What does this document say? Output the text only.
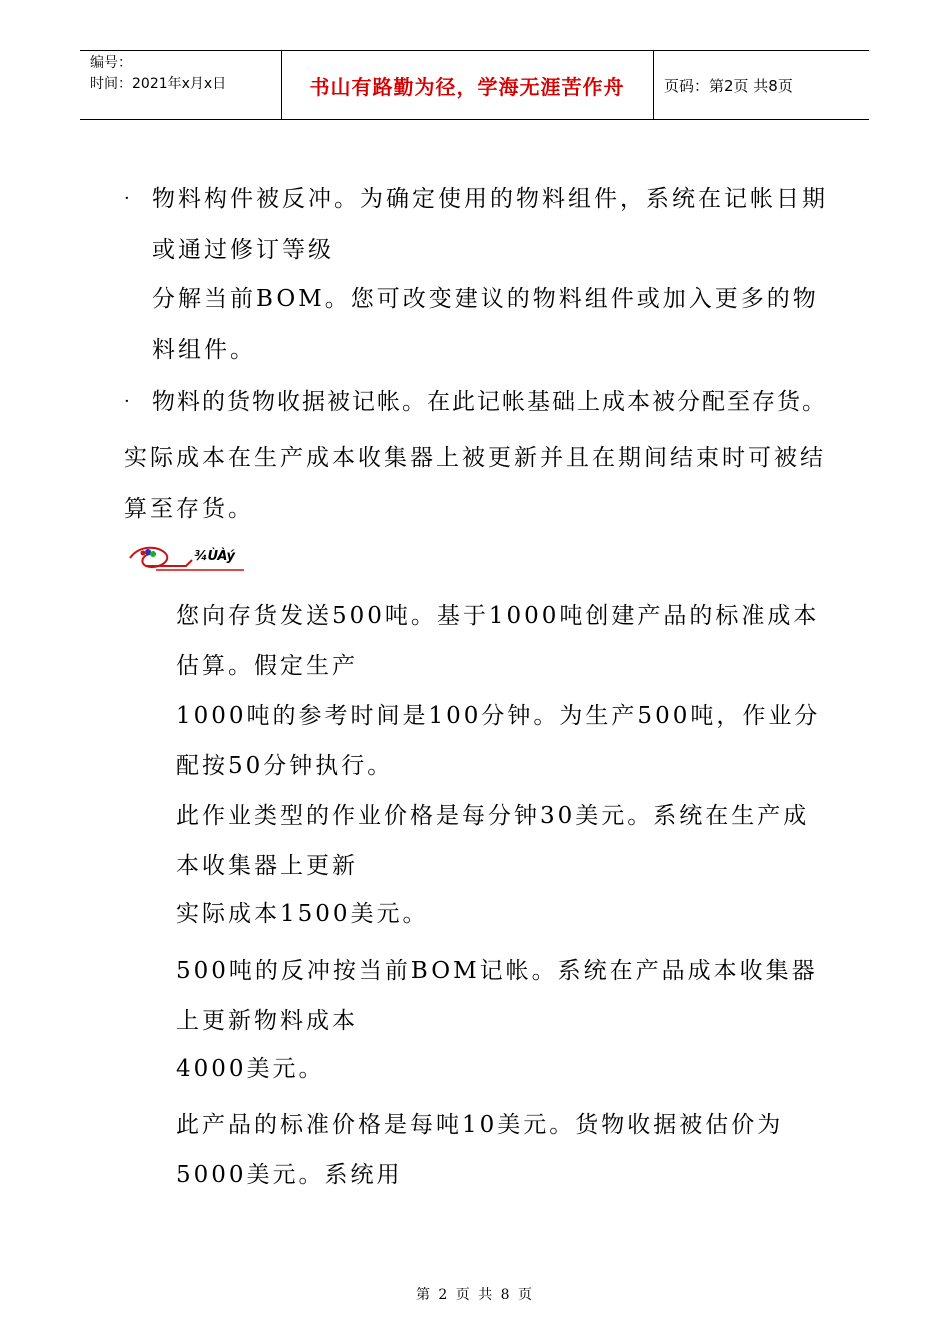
编号：
时间：2021年x月x日	书山有路勤为径，学海无涯苦作舟	页码：第2页 共8页
· 物料构件被反冲。为确定使用的物料组件，系统在记帐日期
或通过修订等级
分解当前BOM。您可改变建议的物料组件或加入更多的物
料组件。
· 物料的货物收据被记帐。在此记帐基础上成本被分配至存货。
实际成本在生产成本收集器上被更新并且在期间结束时可被结
算至存货。
¾ÙÀý
您向存货发送500吨。基于1000吨创建产品的标准成本
估算。假定生产
1000吨的参考时间是100分钟。为生产500吨，作业分
配按50分钟执行。
此作业类型的作业价格是每分钟30美元。系统在生产成
本收集器上更新
实际成本1500美元。
500吨的反冲按当前BOM记帐。系统在产品成本收集器
上更新物料成本
4000美元。
此产品的标准价格是每吨10美元。货物收据被估价为
5000美元。系统用
第 2 页 共 8 页
